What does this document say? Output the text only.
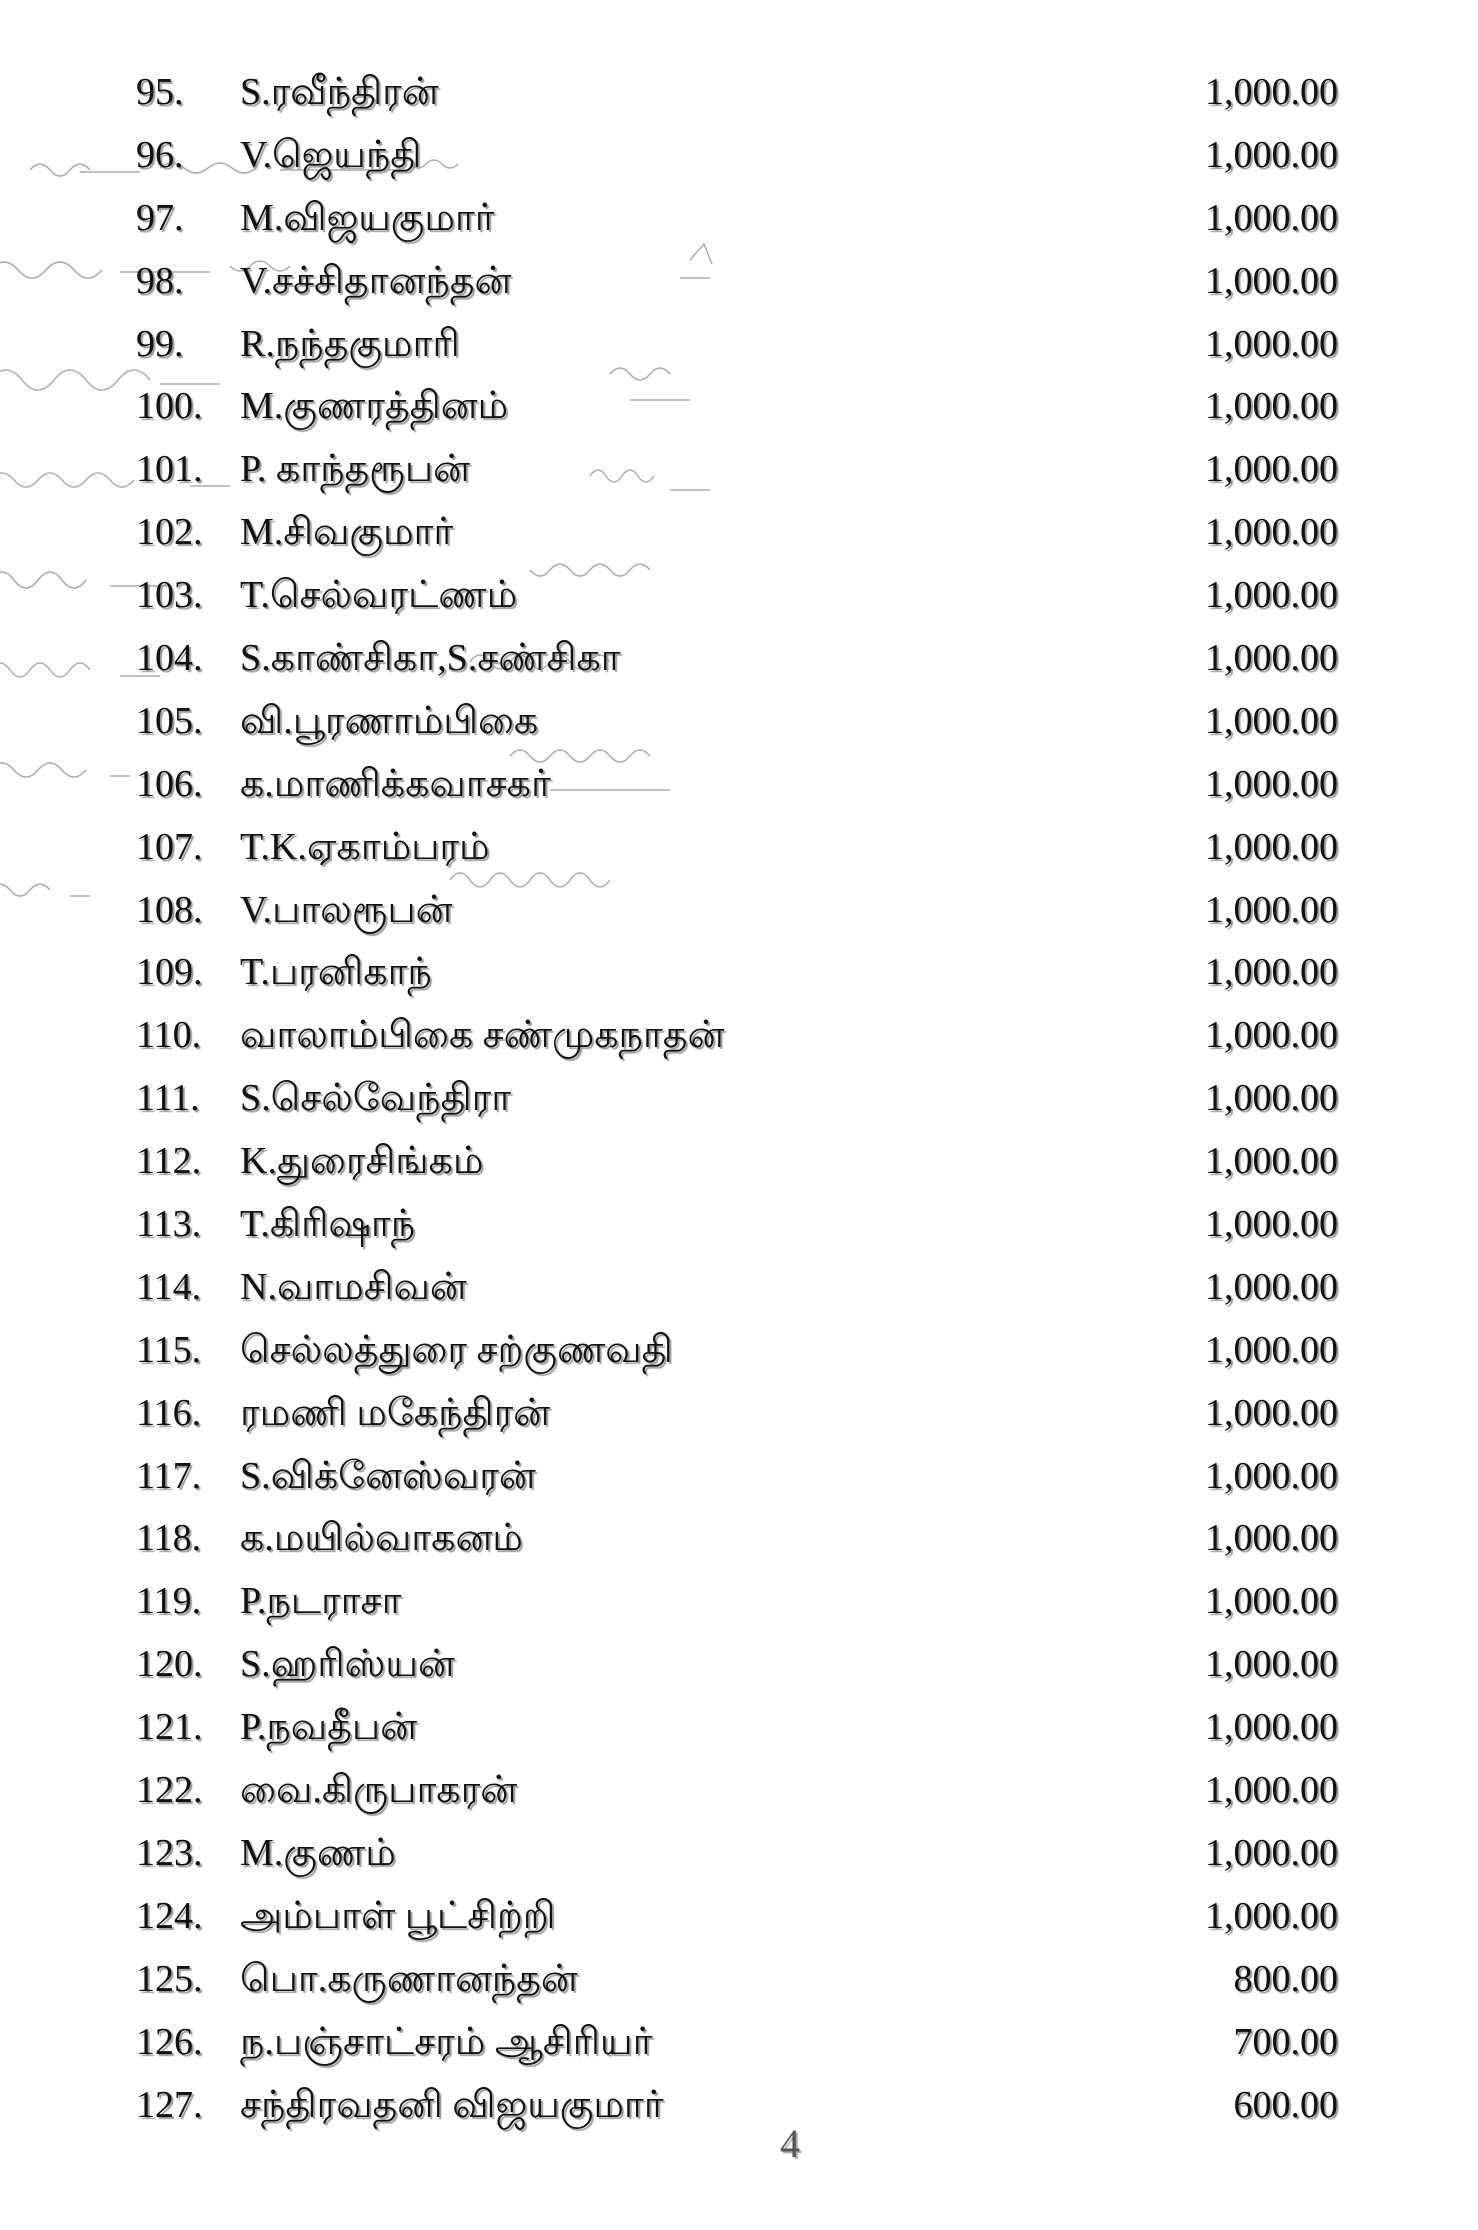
95. S.ரவீந்திரன்	1,000.00
96. V.ஜெயந்தி	1,000.00
97. M.விஜயகுமார்	1,000.00
98. V.சச்சிதானந்தன்	1,000.00
99. R.நந்தகுமாரி	1,000.00
100. M.குணரத்தினம்	1,000.00
101. P. காந்தரூபன்	1,000.00
102. M.சிவகுமார்	1,000.00
103. T.செல்வரட்ணம்	1,000.00
104. S.காண்சிகா,S.சண்சிகா	1,000.00
105. வி.பூரணாம்பிகை	1,000.00
106. க.மாணிக்கவாசகர்	1,000.00
107. T.K.ஏகாம்பரம்	1,000.00
108. V.பாலரூபன்	1,000.00
109. T.பரனிகாந்	1,000.00
110. வாலாம்பிகை சண்முகநாதன்	1,000.00
111. S.செல்வேந்திரா	1,000.00
112. K.துரைசிங்கம்	1,000.00
113. T.கிரிஷாந்	1,000.00
114. N.வாமசிவன்	1,000.00
115. செல்லத்துரை சற்குணவதி	1,000.00
116. ரமணி மகேந்திரன்	1,000.00
117. S.விக்னேஸ்வரன்	1,000.00
118. க.மயில்வாகனம்	1,000.00
119. P.நடராசா	1,000.00
120. S.ஹரிஸ்யன்	1,000.00
121. P.நவதீபன்	1,000.00
122. வை.கிருபாகரன்	1,000.00
123. M.குணம்	1,000.00
124. அம்பாள் பூட்சிற்றி	1,000.00
125. பொ.கருணானந்தன்	800.00
126. ந.பஞ்சாட்சரம் ஆசிரியர்	700.00
127. சந்திரவதனி விஜயகுமார்	600.00
4
